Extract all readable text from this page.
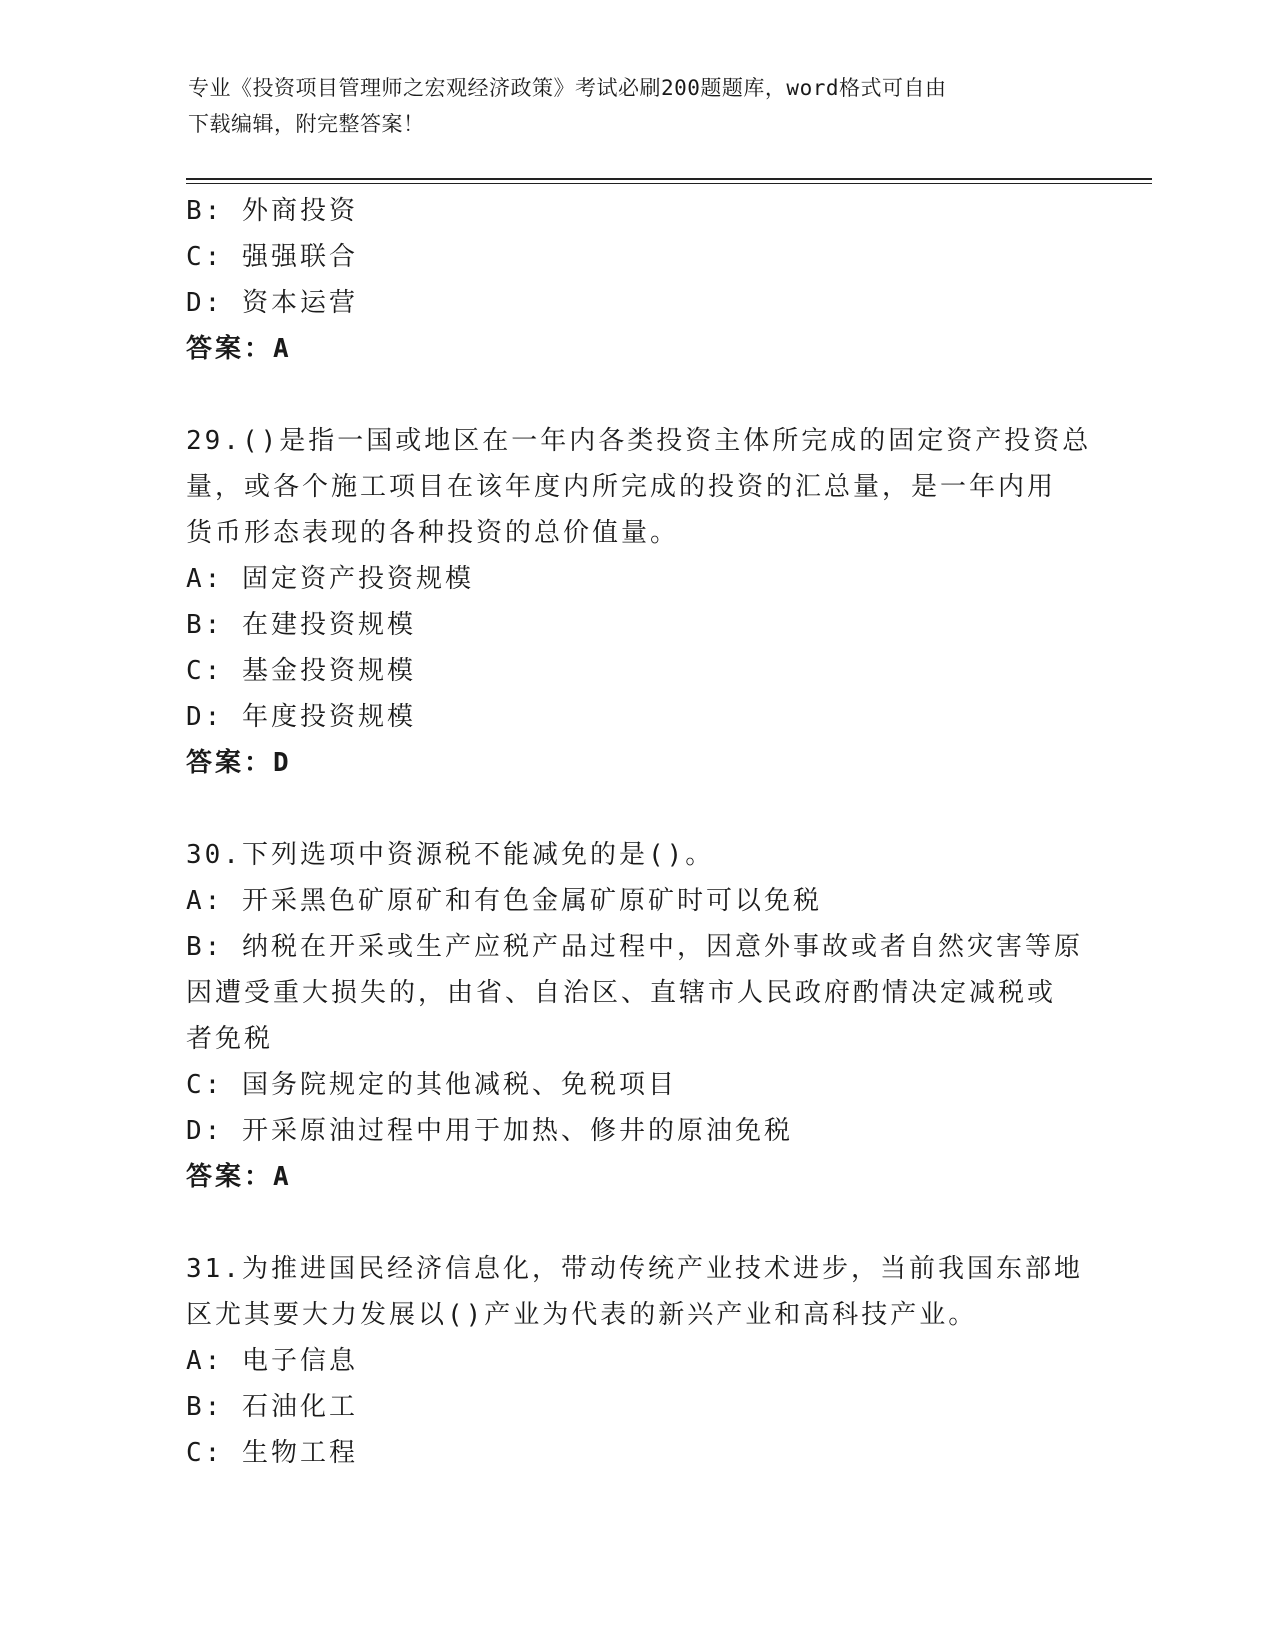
专业《投资项目管理师之宏观经济政策》考试必刷200题题库，word格式可自由
下载编辑，附完整答案！
B: 外商投资
C: 强强联合
D: 资本运营
答案：A
29.()是指一国或地区在一年内各类投资主体所完成的固定资产投资总
量，或各个施工项目在该年度内所完成的投资的汇总量，是一年内用
货币形态表现的各种投资的总价值量。
A: 固定资产投资规模
B: 在建投资规模
C: 基金投资规模
D: 年度投资规模
答案：D
30.下列选项中资源税不能减免的是()。
A: 开采黑色矿原矿和有色金属矿原矿时可以免税
B: 纳税在开采或生产应税产品过程中，因意外事故或者自然灾害等原
因遭受重大损失的，由省、自治区、直辖市人民政府酌情决定减税或
者免税
C: 国务院规定的其他减税、免税项目
D: 开采原油过程中用于加热、修井的原油免税
答案：A
31.为推进国民经济信息化，带动传统产业技术进步，当前我国东部地
区尤其要大力发展以()产业为代表的新兴产业和高科技产业。
A: 电子信息
B: 石油化工
C: 生物工程
